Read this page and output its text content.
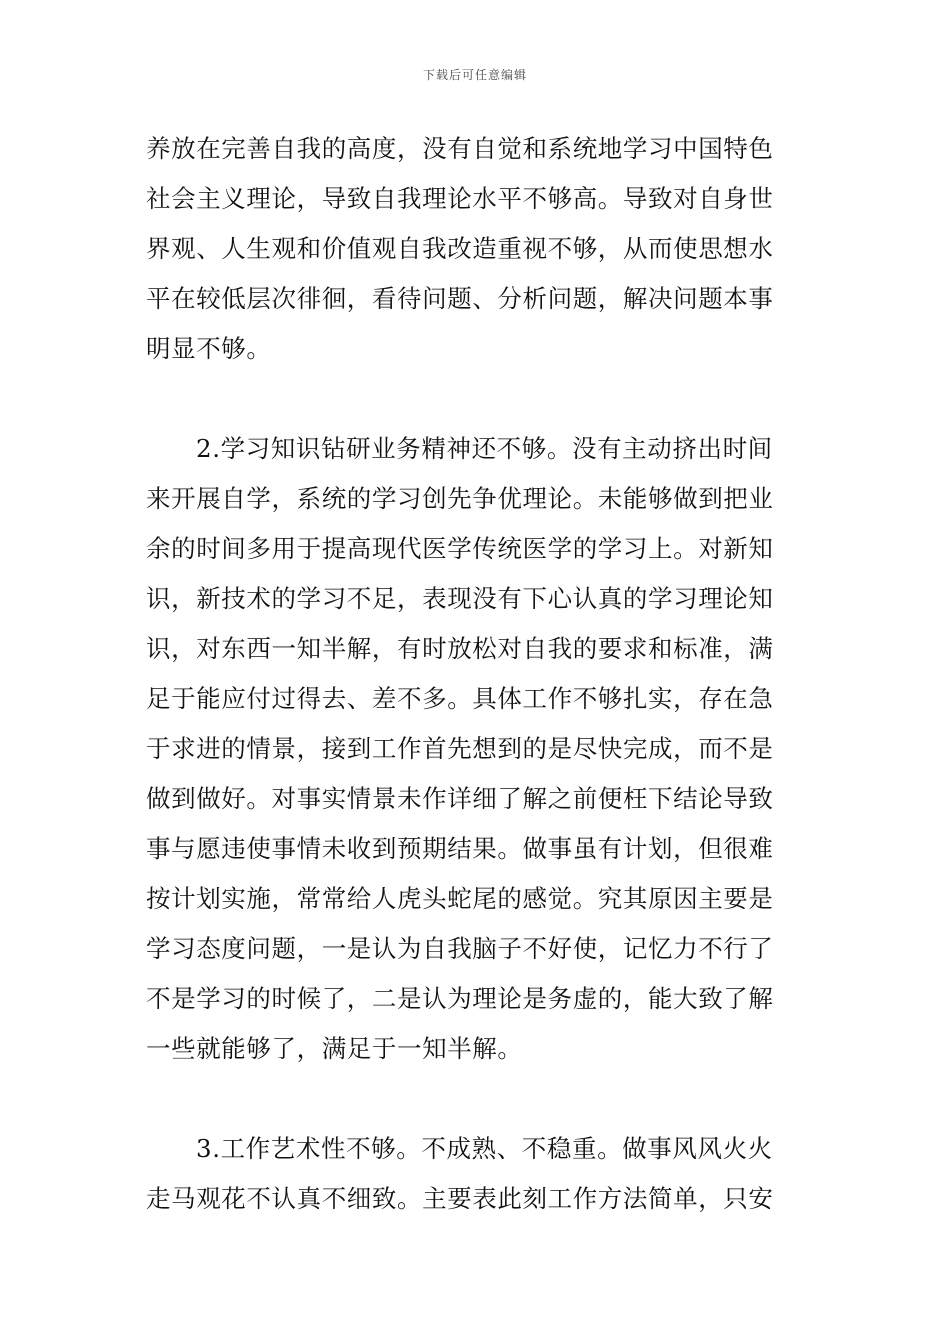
下载后可任意编辑
养放在完善自我的高度，没有自觉和系统地学习中国特色
社会主义理论，导致自我理论水平不够高。导致对自身世
界观、人生观和价值观自我改造重视不够，从而使思想水
平在较低层次徘徊，看待问题、分析问题，解决问题本事
明显不够。
2.学习知识钻研业务精神还不够。没有主动挤出时间
来开展自学，系统的学习创先争优理论。未能够做到把业
余的时间多用于提高现代医学传统医学的学习上。对新知
识，新技术的学习不足，表现没有下心认真的学习理论知
识，对东西一知半解，有时放松对自我的要求和标准，满
足于能应付过得去、差不多。具体工作不够扎实，存在急
于求进的情景，接到工作首先想到的是尽快完成，而不是
做到做好。对事实情景未作详细了解之前便枉下结论导致
事与愿违使事情未收到预期结果。做事虽有计划，但很难
按计划实施，常常给人虎头蛇尾的感觉。究其原因主要是
学习态度问题，一是认为自我脑子不好使，记忆力不行了
不是学习的时候了，二是认为理论是务虚的，能大致了解
一些就能够了，满足于一知半解。
3.工作艺术性不够。不成熟、不稳重。做事风风火火
走马观花不认真不细致。主要表此刻工作方法简单，只安
